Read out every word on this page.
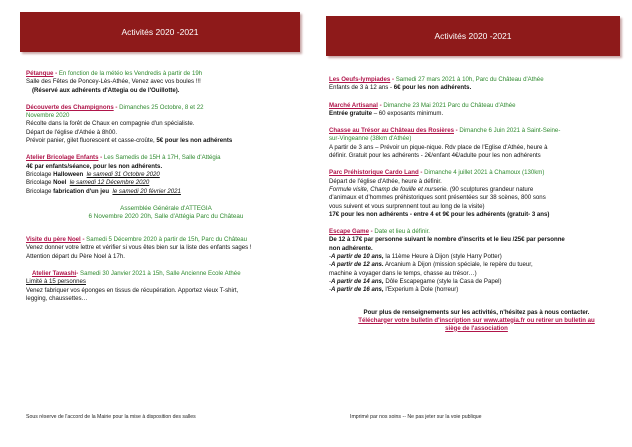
Activités 2020 -2021
Pétanque - En fonction de la météo les Vendredis à partir de 19h
Salle des Fêtes de Poncey-Lès-Athée, Venez avec vos boules !!!
(Réservé aux adhérents d'Attegia ou de l'Ouillotte).
Découverte des Champignons - Dimanches 25 Octobre, 8 et 22
Novembre 2020
Récolte dans la forêt de Chaux en compagnie d'un spécialiste.
Départ de l'église d'Athée à 8h00.
Prévoir panier, gilet fluorescent et casse-croûte, 5€ pour les non adhérents
Atelier Bricolage Enfants - Les Samedis de 15H à 17H, Salle d'Attégia
4€ par enfants/séance, pour les non adhérents.
Bricolage Halloween le samedi 31 Octobre 2020
Bricolage Noel le samedi 12 Décembre 2020
Bricolage fabrication d'un jeu le samedi 20 février 2021
Assemblée Générale d'ATTEGIA
6 Novembre 2020 20h, Salle d'Attégia Parc du Château
Visite du père Noel - Samedi 5 Décembre 2020 à partir de 15h, Parc du Château
Venez donner votre lettre et vérifier si vous êtes bien sur la liste des enfants sages !
Attention départ du Père Noel à 17h.
Atelier Tawashi- Samedi 30 Janvier 2021 à 15h, Salle Ancienne Ecole Athée
Limité à 15 personnes
Venez fabriquer vos éponges en tissus de récupération. Apportez vieux T-shirt,
legging, chaussettes…
Sous réserve de l'accord de la Mairie pour la mise à disposition des salles
Activités 2020 -2021
Les Oeufs-lympiades - Samedi 27 mars 2021 à 10h, Parc du Château d'Athée
Enfants de 3 à 12 ans - 6€ pour les non adhérents.
Marché Artisanal - Dimanche 23 Mai 2021 Parc du Château d'Athée
Entrée gratuite – 60 exposants minimum.
Chasse au Trésor au Château des Rosières - Dimanche 6 Juin 2021 à Saint-Seine-
sur-Vingeanne (38km d'Athée)
A partir de 3 ans – Prévoir un pique-nique. Rdv place de l'Eglise d'Athée, heure à
définir. Gratuit pour les adhérents - 2€/enfant 4€/adulte pour les non adhérents
Parc Préhistorique Cardo Land - Dimanche 4 juillet 2021 à Chamoux (130km)
Départ de l'église d'Athée, heure à définir.
Formule visite, Champ de fouille et nurserie. (90 sculptures grandeur nature
d'animaux et d'hommes préhistoriques sont présentées sur 38 scènes, 800 sons
vous suivent et vous surprennent tout au long de la visite)
17€ pour les non adhérents - entre 4 et 9€ pour les adhérents (gratuit- 3 ans)
Escape Game - Date et lieu à définir.
De 12 à 17€ par personne suivant le nombre d'inscrits et le lieu /25€ par personne
non adhérente.
-A partir de 10 ans, la 11ème Heure à Dijon (style Harry Potter)
-A partir de 12 ans. Arcanium à Dijon (mission spéciale, le repère du tueur,
machine à voyager dans le temps, chasse au trésor…)
-A partir de 14 ans, Dôle Escapegame (style la Casa de Papel)
-A partir de 16 ans, l'Experium à Dole (horreur)
Pour plus de renseignements sur les activités, n'hésitez pas à nous contacter.
Télécharger votre bulletin d'inscription sur www.attegia.fr ou retirer un bulletin au
siège de l'association
Imprimé par nos soins -- Ne pas jeter sur la voie publique
